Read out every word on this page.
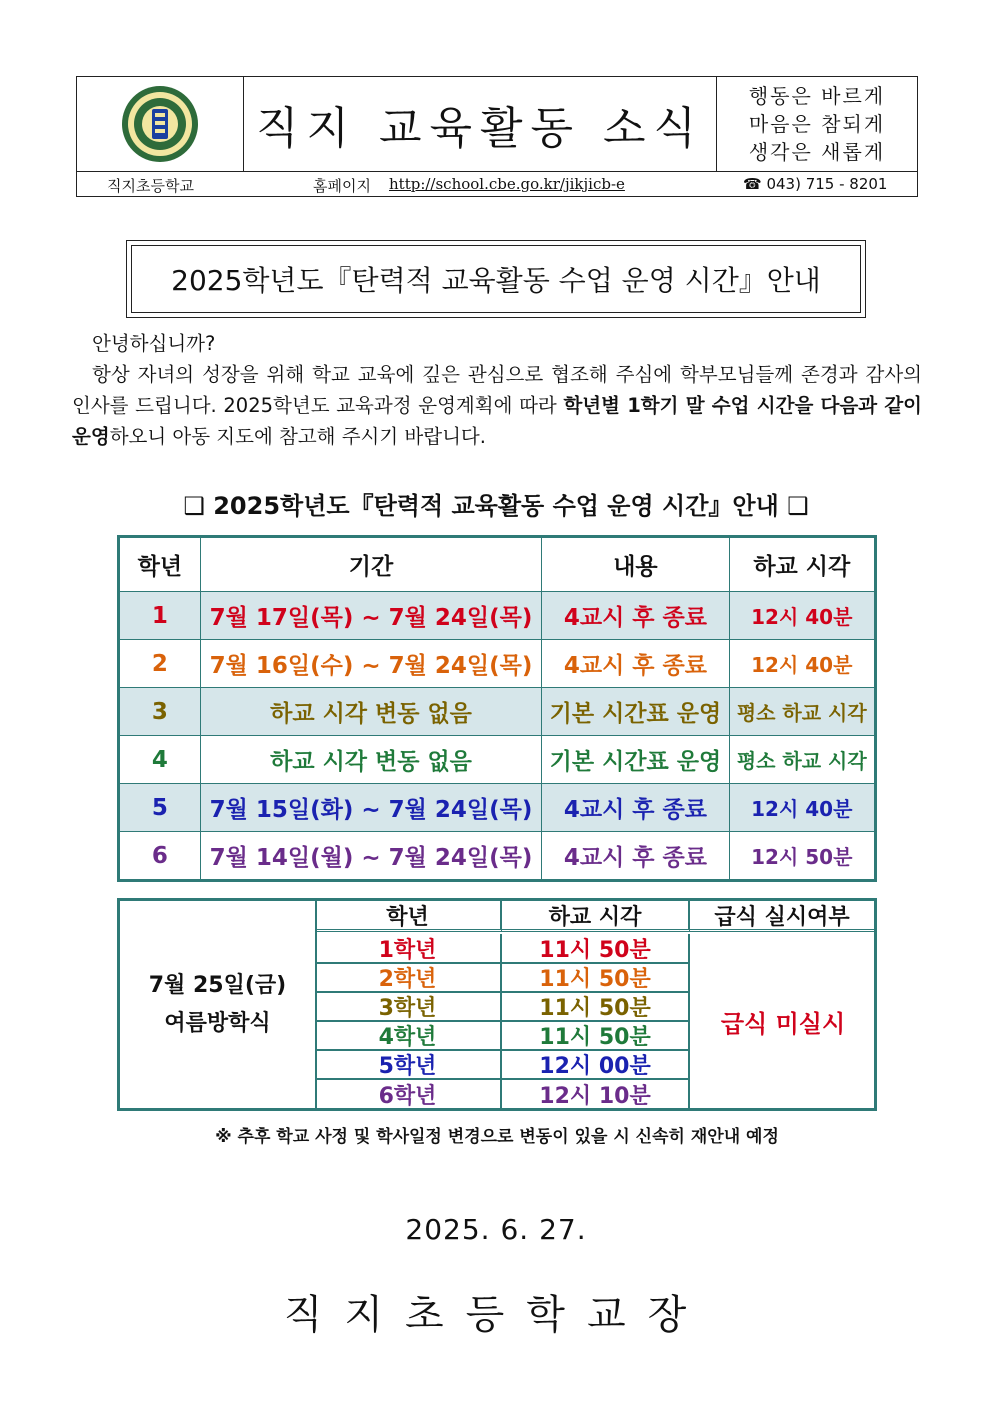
직지 교육활동 소식
행동은 바르게
마음은 참되게
생각은 새롭게
직지초등학교	홈페이지 http://school.cbe.go.kr/jikjicb-e	☎ 043) 715 - 8201
2025학년도『탄력적 교육활동 수업 운영 시간』안내
안녕하십니까?
항상 자녀의 성장을 위해 학교 교육에 깊은 관심으로 협조해 주심에 학부모님들께 존경과 감사의 인사를 드립니다. 2025학년도 교육과정 운영계획에 따라 학년별 1학기 말 수업 시간을 다음과 같이 운영하오니 아동 지도에 참고해 주시기 바랍니다.
❑ 2025학년도『탄력적 교육활동 수업 운영 시간』안내 ❑
학년	기간	내용	하교 시각
1	7월 17일(목) ~ 7월 24일(목)	4교시 후 종료	12시 40분
2	7월 16일(수) ~ 7월 24일(목)	4교시 후 종료	12시 40분
3	하교 시각 변동 없음	기본 시간표 운영	평소 하교 시각
4	하교 시각 변동 없음	기본 시간표 운영	평소 하교 시각
5	7월 15일(화) ~ 7월 24일(목)	4교시 후 종료	12시 40분
6	7월 14일(월) ~ 7월 24일(목)	4교시 후 종료	12시 50분
7월 25일(금)
여름방학식
학년	하교 시각	급식 실시여부
1학년	11시 50분
2학년	11시 50분
3학년	11시 50분
4학년	11시 50분
5학년	12시 00분
6학년	12시 10분
급식 미실시
※ 추후 학교 사정 및 학사일정 변경으로 변동이 있을 시 신속히 재안내 예정
2025. 6. 27.
직지초등학교장
